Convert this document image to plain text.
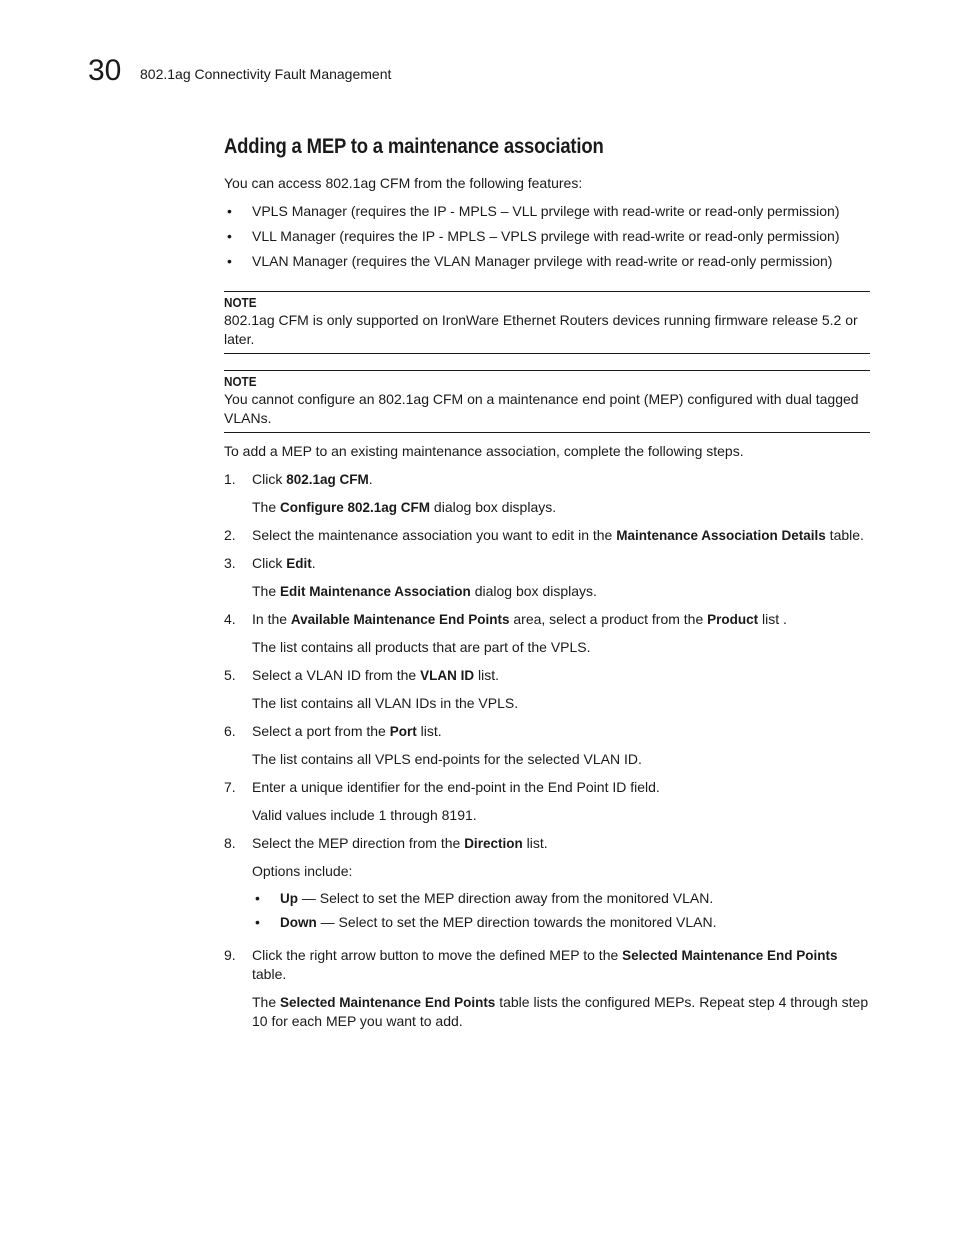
30 802.1ag Connectivity Fault Management
Adding a MEP to a maintenance association
You can access 802.1ag CFM from the following features:
• VPLS Manager (requires the IP - MPLS – VLL prvilege with read-write or read-only permission)
• VLL Manager (requires the IP - MPLS – VPLS prvilege with read-write or read-only permission)
• VLAN Manager (requires the VLAN Manager prvilege with read-write or read-only permission)
NOTE
802.1ag CFM is only supported on IronWare Ethernet Routers devices running firmware release 5.2 or later.
NOTE
You cannot configure an 802.1ag CFM on a maintenance end point (MEP) configured with dual tagged VLANs.
To add a MEP to an existing maintenance association, complete the following steps.
1. Click 802.1ag CFM.
The Configure 802.1ag CFM dialog box displays.
2. Select the maintenance association you want to edit in the Maintenance Association Details table.
3. Click Edit.
The Edit Maintenance Association dialog box displays.
4. In the Available Maintenance End Points area, select a product from the Product list .
The list contains all products that are part of the VPLS.
5. Select a VLAN ID from the VLAN ID list.
The list contains all VLAN IDs in the VPLS.
6. Select a port from the Port list.
The list contains all VPLS end-points for the selected VLAN ID.
7. Enter a unique identifier for the end-point in the End Point ID field.
Valid values include 1 through 8191.
8. Select the MEP direction from the Direction list.
Options include:
• Up — Select to set the MEP direction away from the monitored VLAN.
• Down — Select to set the MEP direction towards the monitored VLAN.
9. Click the right arrow button to move the defined MEP to the Selected Maintenance End Points table.
The Selected Maintenance End Points table lists the configured MEPs. Repeat step 4 through step 10 for each MEP you want to add.
